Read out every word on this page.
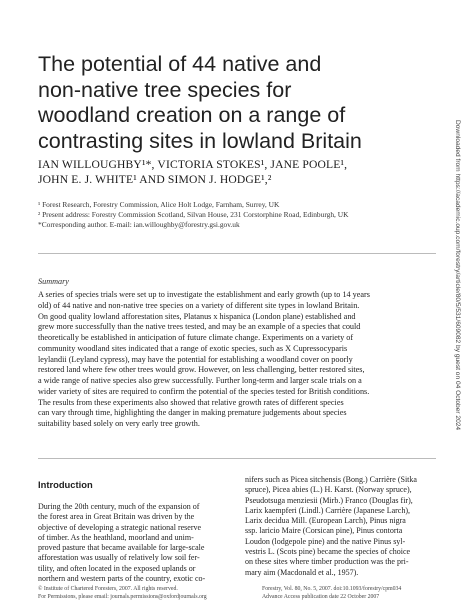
The potential of 44 native and
non-native tree species for
woodland creation on a range of
contrasting sites in lowland Britain
IAN WILLOUGHBY¹*, VICTORIA STOKES¹, JANE POOLE¹,
JOHN E. J. WHITE¹ AND SIMON J. HODGE¹,²
¹ Forest Research, Forestry Commission, Alice Holt Lodge, Farnham, Surrey, UK
² Present address: Forestry Commission Scotland, Silvan House, 231 Corstorphine Road, Edinburgh, UK
*Corresponding author. E-mail: ian.willoughby@forestry.gsi.gov.uk	Downloaded from https://academic.oup.com/forestry/article/80/5/531/609082 by guest on 04 October 2024
Summary
A series of species trials were set up to investigate the establishment and early growth (up to 14 years
old) of 44 native and non-native tree species on a variety of different site types in lowland Britain.
On good quality lowland afforestation sites, Platanus x hispanica (London plane) established and
grew more successfully than the native trees tested, and may be an example of a species that could
theoretically be established in anticipation of future climate change. Experiments on a variety of
community woodland sites indicated that a range of exotic species, such as X Cupressocyparis
leylandii (Leyland cypress), may have the potential for establishing a woodland cover on poorly
restored land where few other trees would grow. However, on less challenging, better restored sites,
a wide range of native species also grew successfully. Further long-term and larger scale trials on a
wider variety of sites are required to confirm the potential of the species tested for British conditions.
The results from these experiments also showed that relative growth rates of different species
can vary through time, highlighting the danger in making premature judgements about species
suitability based solely on very early tree growth.
Introduction
During the 20th century, much of the expansion of
the forest area in Great Britain was driven by the
objective of developing a strategic national reserve
of timber. As the heathland, moorland and unim-
proved pasture that became available for large-scale
afforestation was usually of relatively low soil fer-
tility, and often located in the exposed uplands or
northern and western parts of the country, exotic co-
nifers such as Picea sitchensis (Bong.) Carrière (Sitka
spruce), Picea abies (L.) H. Karst. (Norway spruce),
Pseudotsuga menziesii (Mirb.) Franco (Douglas fir),
Larix kaempferi (Lindl.) Carrière (Japanese Larch),
Larix decidua Mill. (European Larch), Pinus nigra
ssp. laricio Maire (Corsican pine), Pinus contorta
Loudon (lodgepole pine) and the native Pinus syl-
vestris L. (Scots pine) became the species of choice
on these sites where timber production was the pri-
mary aim (Macdonald et al., 1957).
© Institute of Chartered Foresters, 2007. All rights reserved.
For Permissions, please email: journals.permissions@oxfordjournals.org
Forestry, Vol. 80, No. 5, 2007. doi:10.1093/forestry/cpm034
Advance Access publication date 22 October 2007
